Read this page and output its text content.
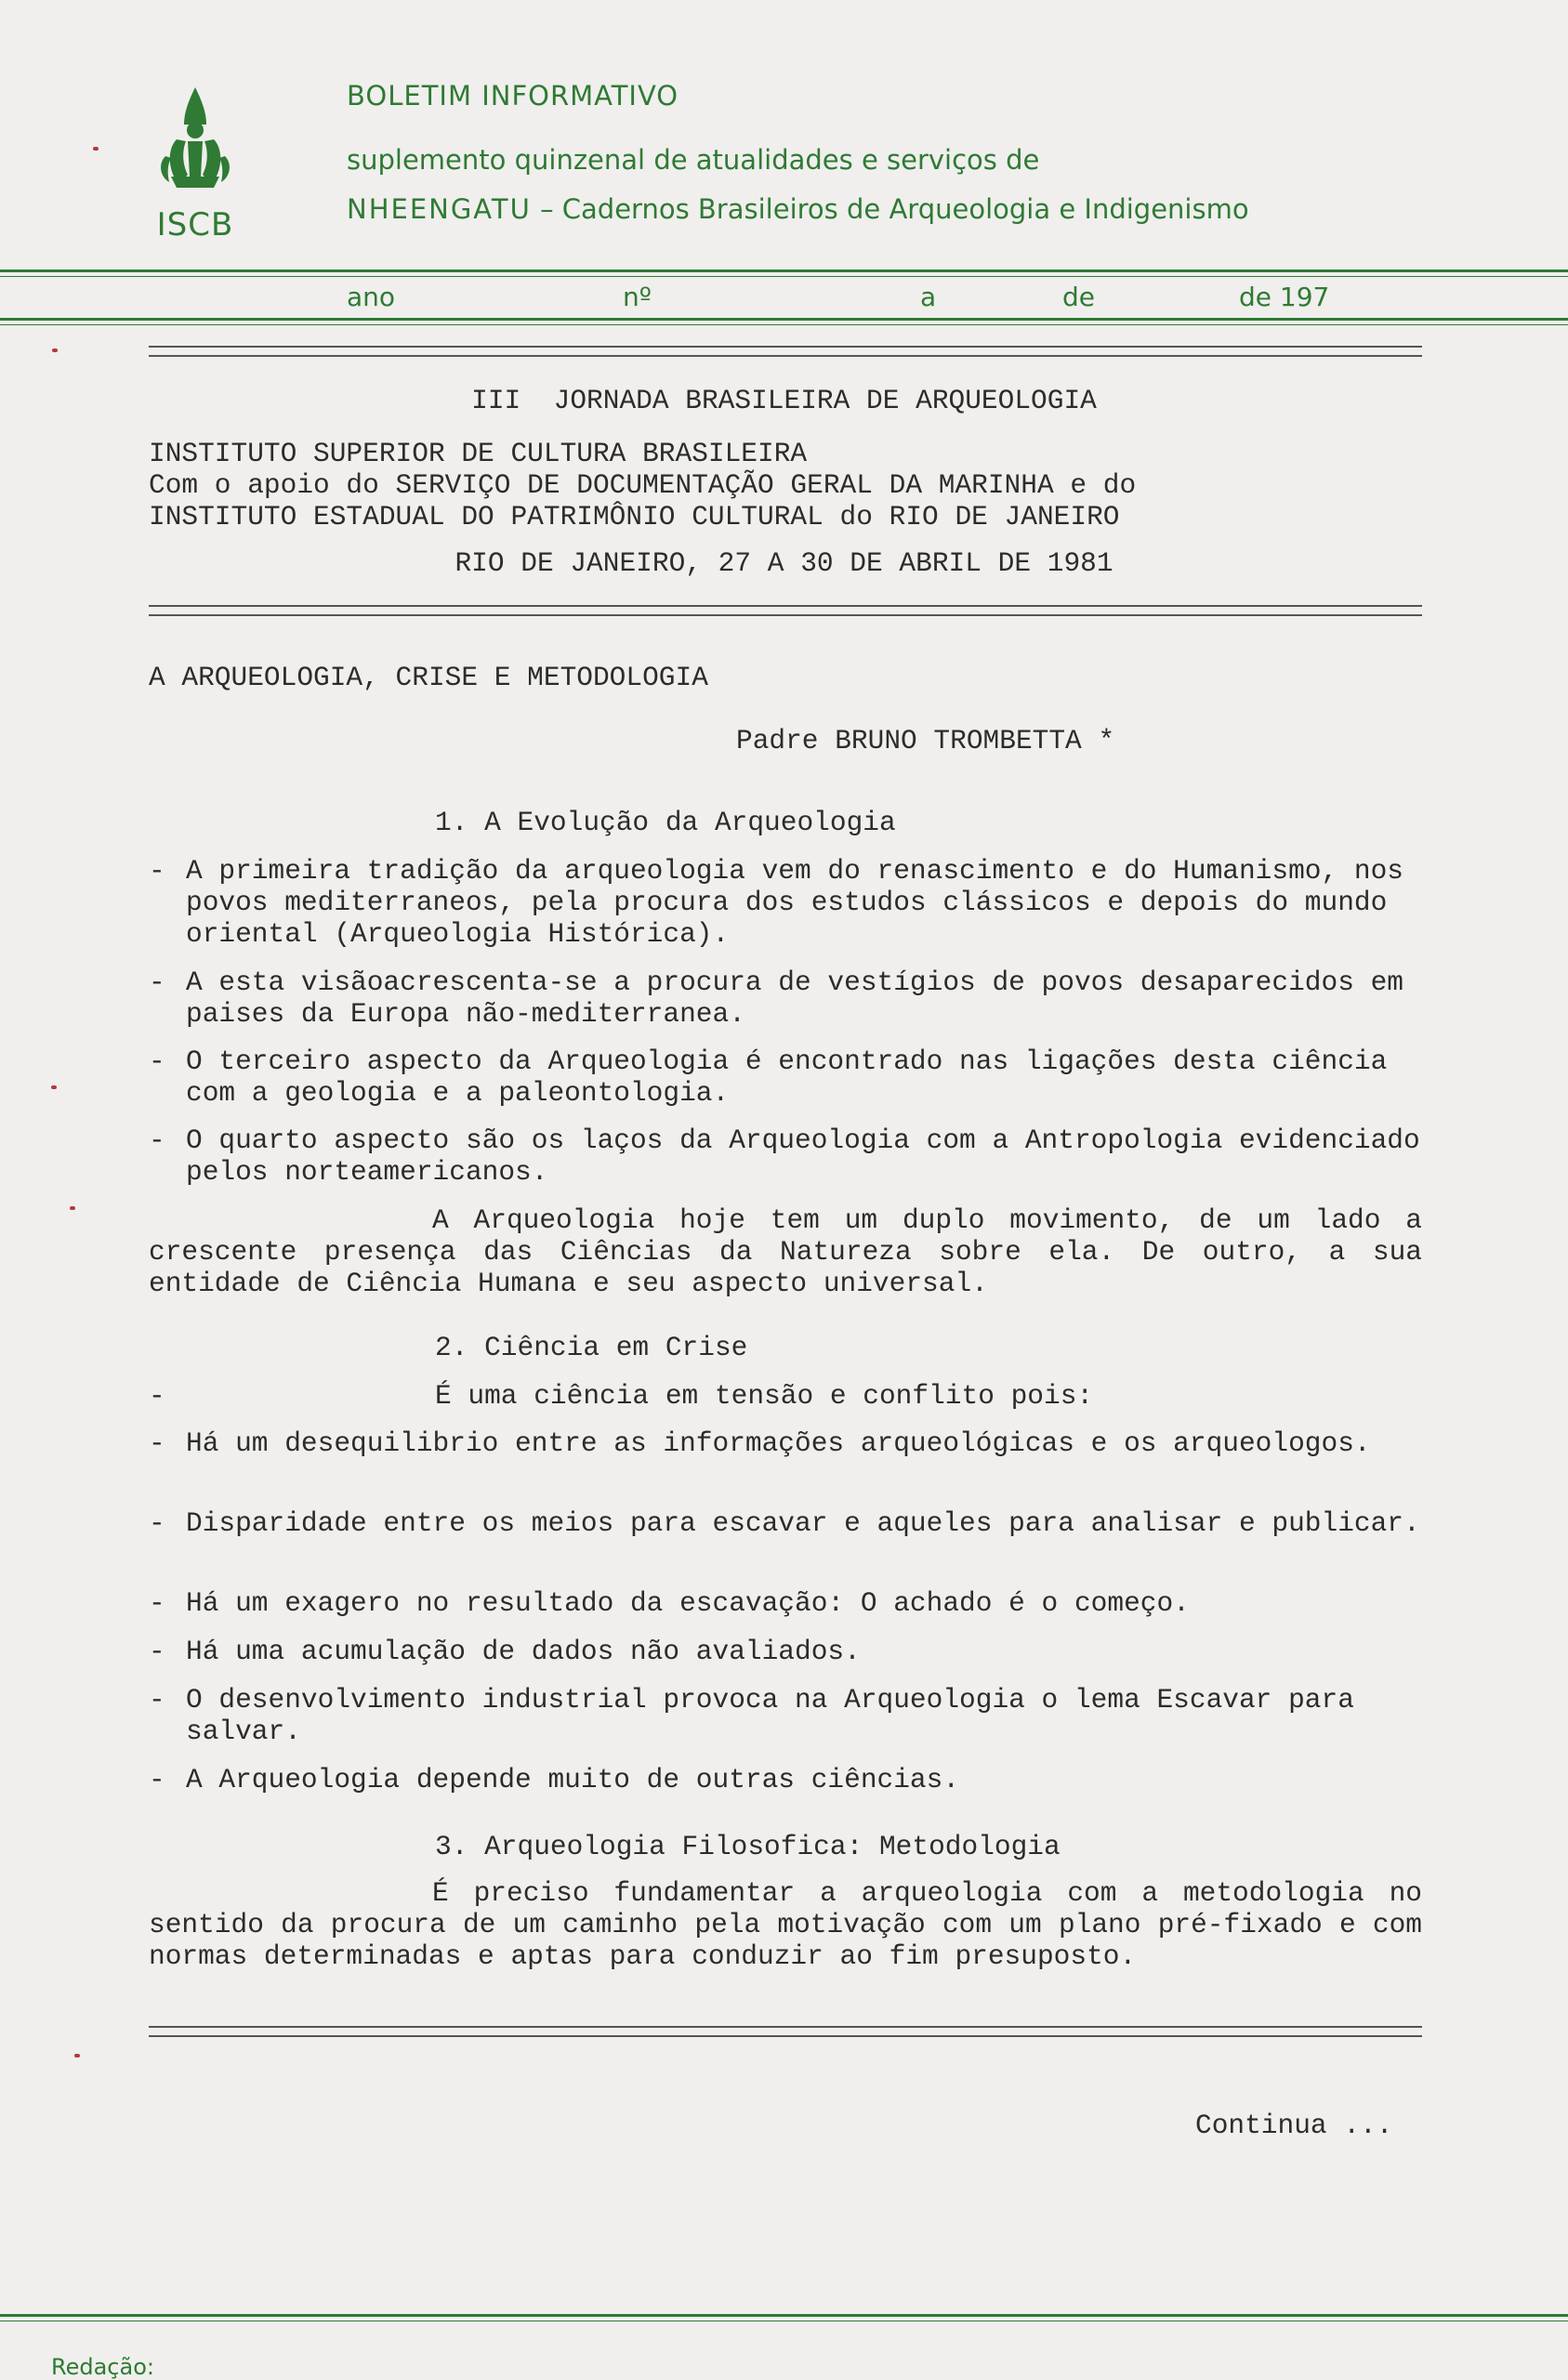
ISCB
BOLETIM INFORMATIVO
suplemento quinzenal de atualidades e serviços de
NHEENGATU – Cadernos Brasileiros de Arqueologia e Indigenismo
ano	nº	a	de	de 197
III  JORNADA BRASILEIRA DE ARQUEOLOGIA
INSTITUTO SUPERIOR DE CULTURA BRASILEIRA
Com o apoio do SERVIÇO DE DOCUMENTAÇÃO GERAL DA MARINHA e do
INSTITUTO ESTADUAL DO PATRIMÔNIO CULTURAL do RIO DE JANEIRO
RIO DE JANEIRO, 27 A 30 DE ABRIL DE 1981
A ARQUEOLOGIA, CRISE E METODOLOGIA
Padre BRUNO TROMBETTA *
1. A Evolução da Arqueologia
- A primeira tradição da arqueologia vem do renascimento e do Humanismo, nos povos mediterraneos, pela procura dos estudos clássicos e depois do mundo oriental (Arqueologia Histórica).
- A esta visãoacrescenta-se a procura de vestígios de povos desaparecidos em paises da Europa não-mediterranea.
- O terceiro aspecto da Arqueologia é encontrado nas ligações desta ciência com a geologia e a paleontologia.
- O quarto aspecto são os laços da Arqueologia com a Antropologia evidenciado pelos norteamericanos.
A Arqueologia hoje tem um duplo movimento, de um lado a crescente presença das Ciências da Natureza sobre ela. De outro, a sua entidade de Ciência Humana e seu aspecto universal.
2. Ciência em Crise
-	É uma ciência em tensão e conflito pois:
- Há um desequilibrio entre as informações arqueológicas e os arqueologos.
- Disparidade entre os meios para escavar e aqueles para analisar e publicar.
- Há um exagero no resultado da escavação: O achado é o começo.
- Há uma acumulação de dados não avaliados.
- O desenvolvimento industrial provoca na Arqueologia o lema Escavar para salvar.
- A Arqueologia depende muito de outras ciências.
3. Arqueologia Filosofica: Metodologia
É preciso fundamentar a arqueologia com a metodologia no sentido da procura de um caminho pela motivação com um plano pré-fixado e com normas determinadas e aptas para conduzir ao fim presuposto.
Continua ...
Redação:
